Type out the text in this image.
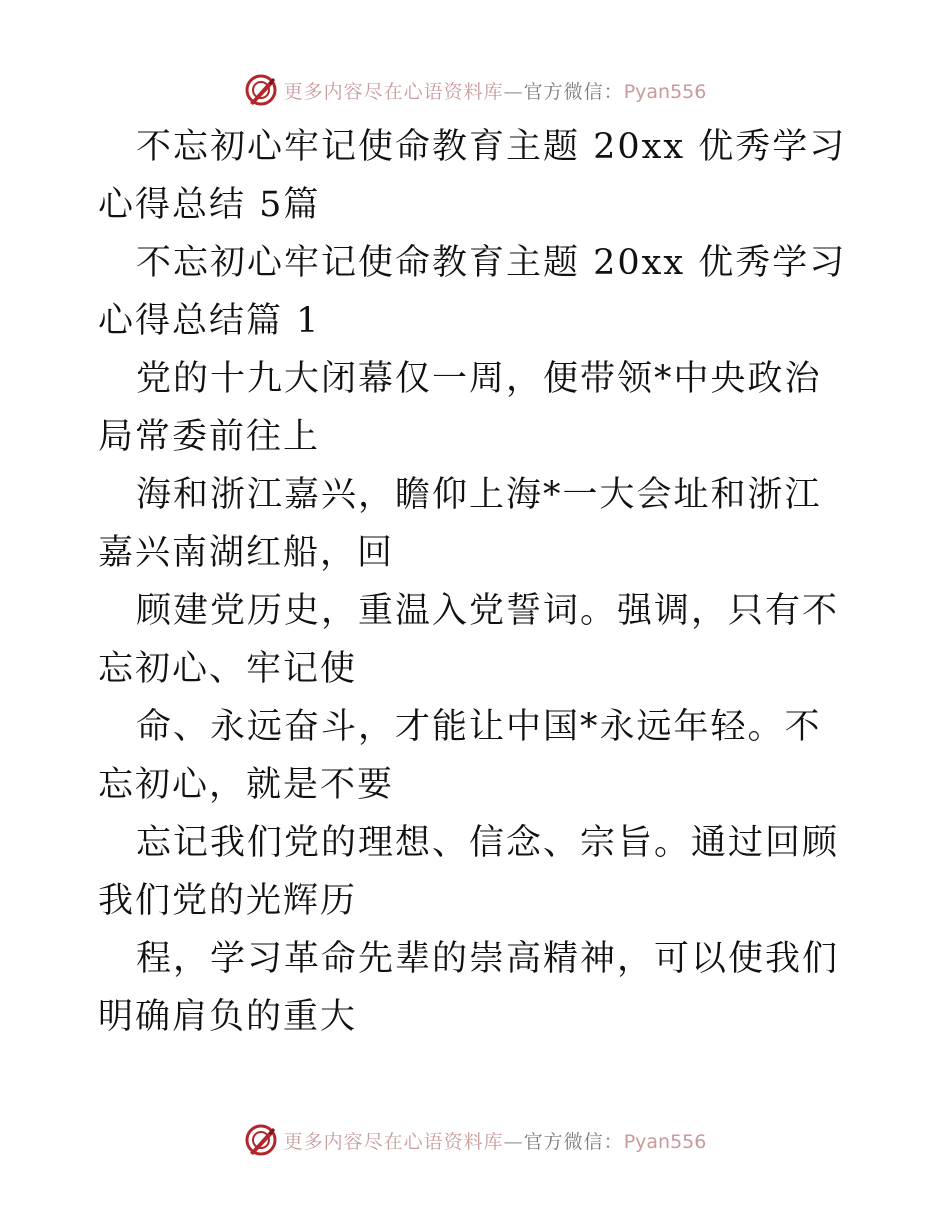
更多内容尽在心语资料库—官方微信：Pyan556

不忘初心牢记使命教育主题 20xx 优秀学习心得总结 5篇

不忘初心牢记使命教育主题 20xx 优秀学习心得总结篇 1

党的十九大闭幕仅一周，便带领*中央政治局常委前往上

海和浙江嘉兴，瞻仰上海*一大会址和浙江嘉兴南湖红船，回

顾建党历史，重温入党誓词。强调，只有不忘初心、牢记使

命、永远奋斗，才能让中国*永远年轻。不忘初心，就是不要

忘记我们党的理想、信念、宗旨。通过回顾我们党的光辉历

程，学习革命先辈的崇高精神，可以使我们明确肩负的重大

更多内容尽在心语资料库—官方微信：Pyan556
